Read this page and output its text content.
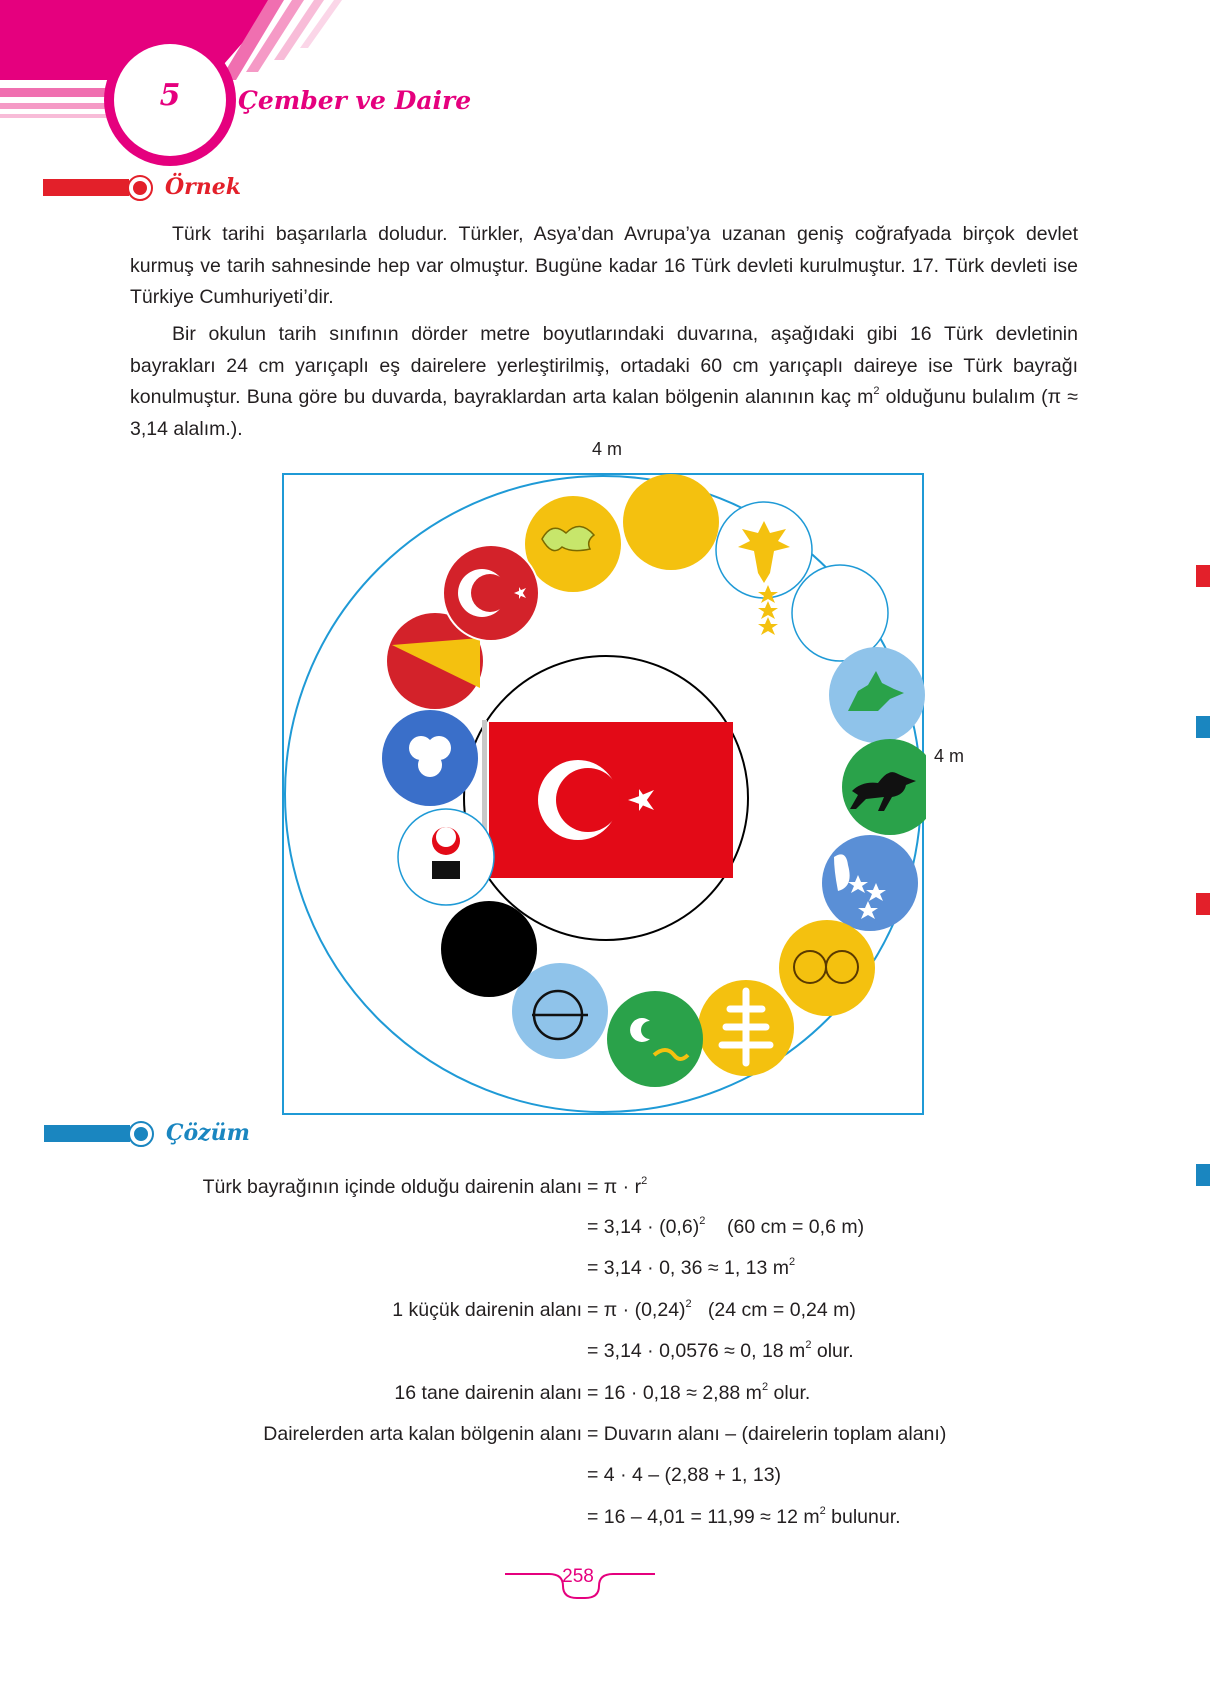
5	Çember ve Daire
Örnek
Türk tarihi başarılarla doludur. Türkler, Asya’dan Avrupa’ya uzanan geniş coğrafyada birçok devlet kurmuş ve tarih sahnesinde hep var olmuştur. Bugüne kadar 16 Türk devleti kurulmuştur. 17. Türk devleti ise Türkiye Cumhuriyeti’dir.
Bir okulun tarih sınıfının dörder metre boyutlarındaki duvarına, aşağıdaki gibi 16 Türk devletinin bayrakları 24 cm yarıçaplı eş dairelere yerleştirilmiş, ortadaki 60 cm yarıçaplı daireye ise Türk bayrağı konulmuştur. Buna göre bu duvarda, bayraklardan arta kalan bölgenin alanının kaç $m^2$ olduğunu bulalım (π ≈ 3,14 alalım.).
4 m
4 m
Çözüm
Türk bayrağının içinde olduğu dairenin alanı = $\pi \cdot r^2$
= $3,14 \cdot (0,6)^2$    (60 cm = 0,6 m)
= 3,14 · 0, 36 ≈ 1, 13 $m^2$
1 küçük dairenin alanı = $\pi \cdot (0,24)^2$   (24 cm = 0,24 m)
= 3,14 · 0,0576 ≈ 0, 18 $m^2$ olur.
16 tane dairenin alanı = 16 · 0,18 ≈ 2,88 $m^2$ olur.
Dairelerden arta kalan bölgenin alanı = Duvarın alanı – (dairelerin toplam alanı)
= 4 · 4 – (2,88 + 1, 13)
= 16 – 4,01 = 11,99 ≈ 12 $m^2$ bulunur.
258
